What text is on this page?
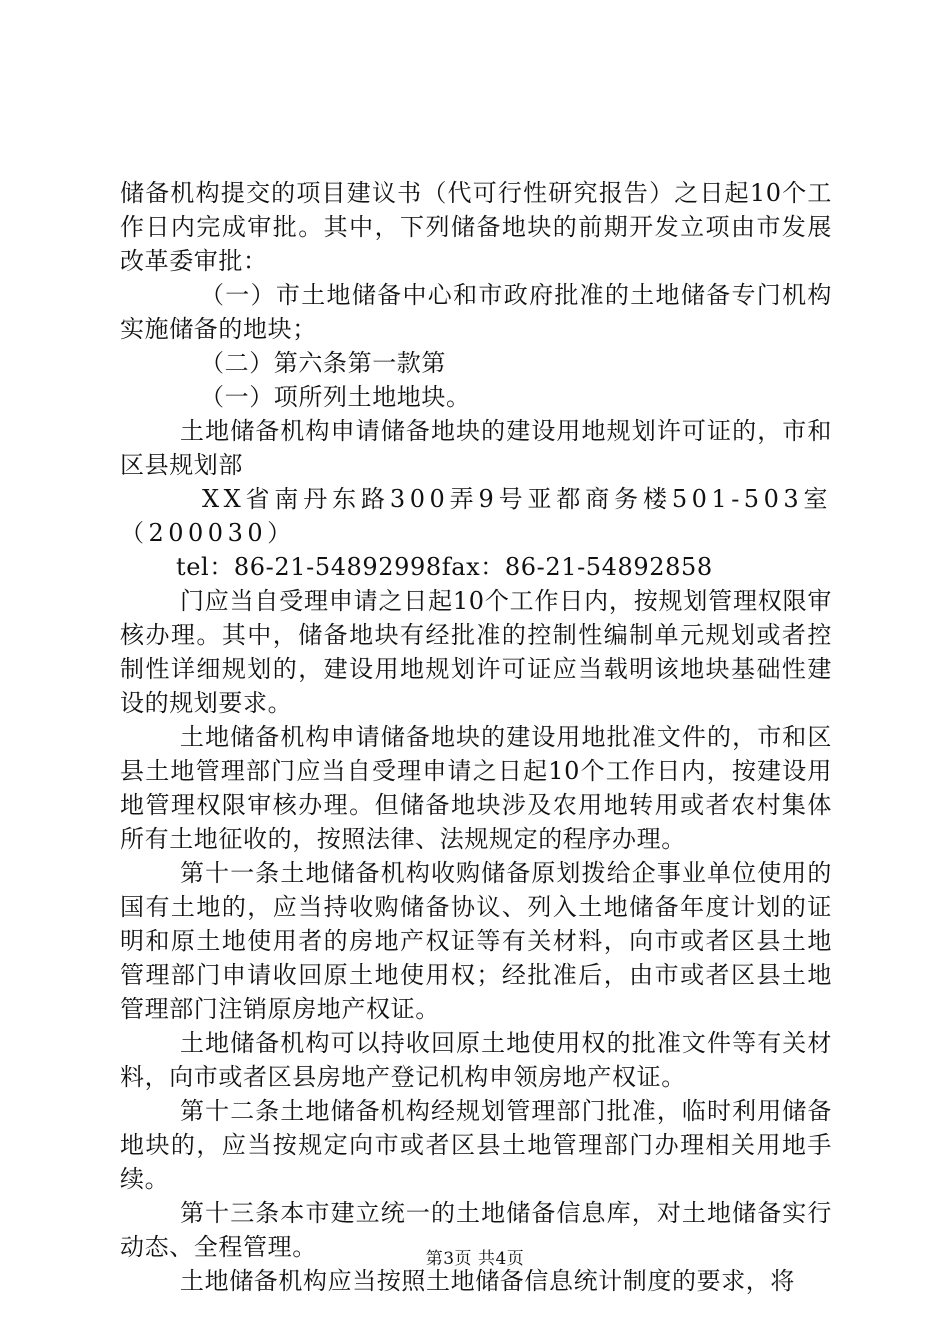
储备机构提交的项目建议书（代可行性研究报告）之日起10个工作日内完成审批。其中，下列储备地块的前期开发立项由市发展改革委审批：

（一）市土地储备中心和市政府批准的土地储备专门机构实施储备的地块；

（二）第六条第一款第

（一）项所列土地地块。

土地储备机构申请储备地块的建设用地规划许可证的，市和区县规划部

XX省南丹东路300弄9号亚都商务楼501-503室（200030）

tel：86-21-54892998fax：86-21-54892858

门应当自受理申请之日起10个工作日内，按规划管理权限审核办理。其中，储备地块有经批准的控制性编制单元规划或者控制性详细规划的，建设用地规划许可证应当载明该地块基础性建设的规划要求。

土地储备机构申请储备地块的建设用地批准文件的，市和区县土地管理部门应当自受理申请之日起10个工作日内，按建设用地管理权限审核办理。但储备地块涉及农用地转用或者农村集体所有土地征收的，按照法律、法规规定的程序办理。

第十一条土地储备机构收购储备原划拨给企事业单位使用的国有土地的，应当持收购储备协议、列入土地储备年度计划的证明和原土地使用者的房地产权证等有关材料，向市或者区县土地管理部门申请收回原土地使用权；经批准后，由市或者区县土地管理部门注销原房地产权证。

土地储备机构可以持收回原土地使用权的批准文件等有关材料，向市或者区县房地产登记机构申领房地产权证。

第十二条土地储备机构经规划管理部门批准，临时利用储备地块的，应当按规定向市或者区县土地管理部门办理相关用地手续。

第十三条本市建立统一的土地储备信息库，对土地储备实行动态、全程管理。

土地储备机构应当按照土地储备信息统计制度的要求，将

第3页 共4页
